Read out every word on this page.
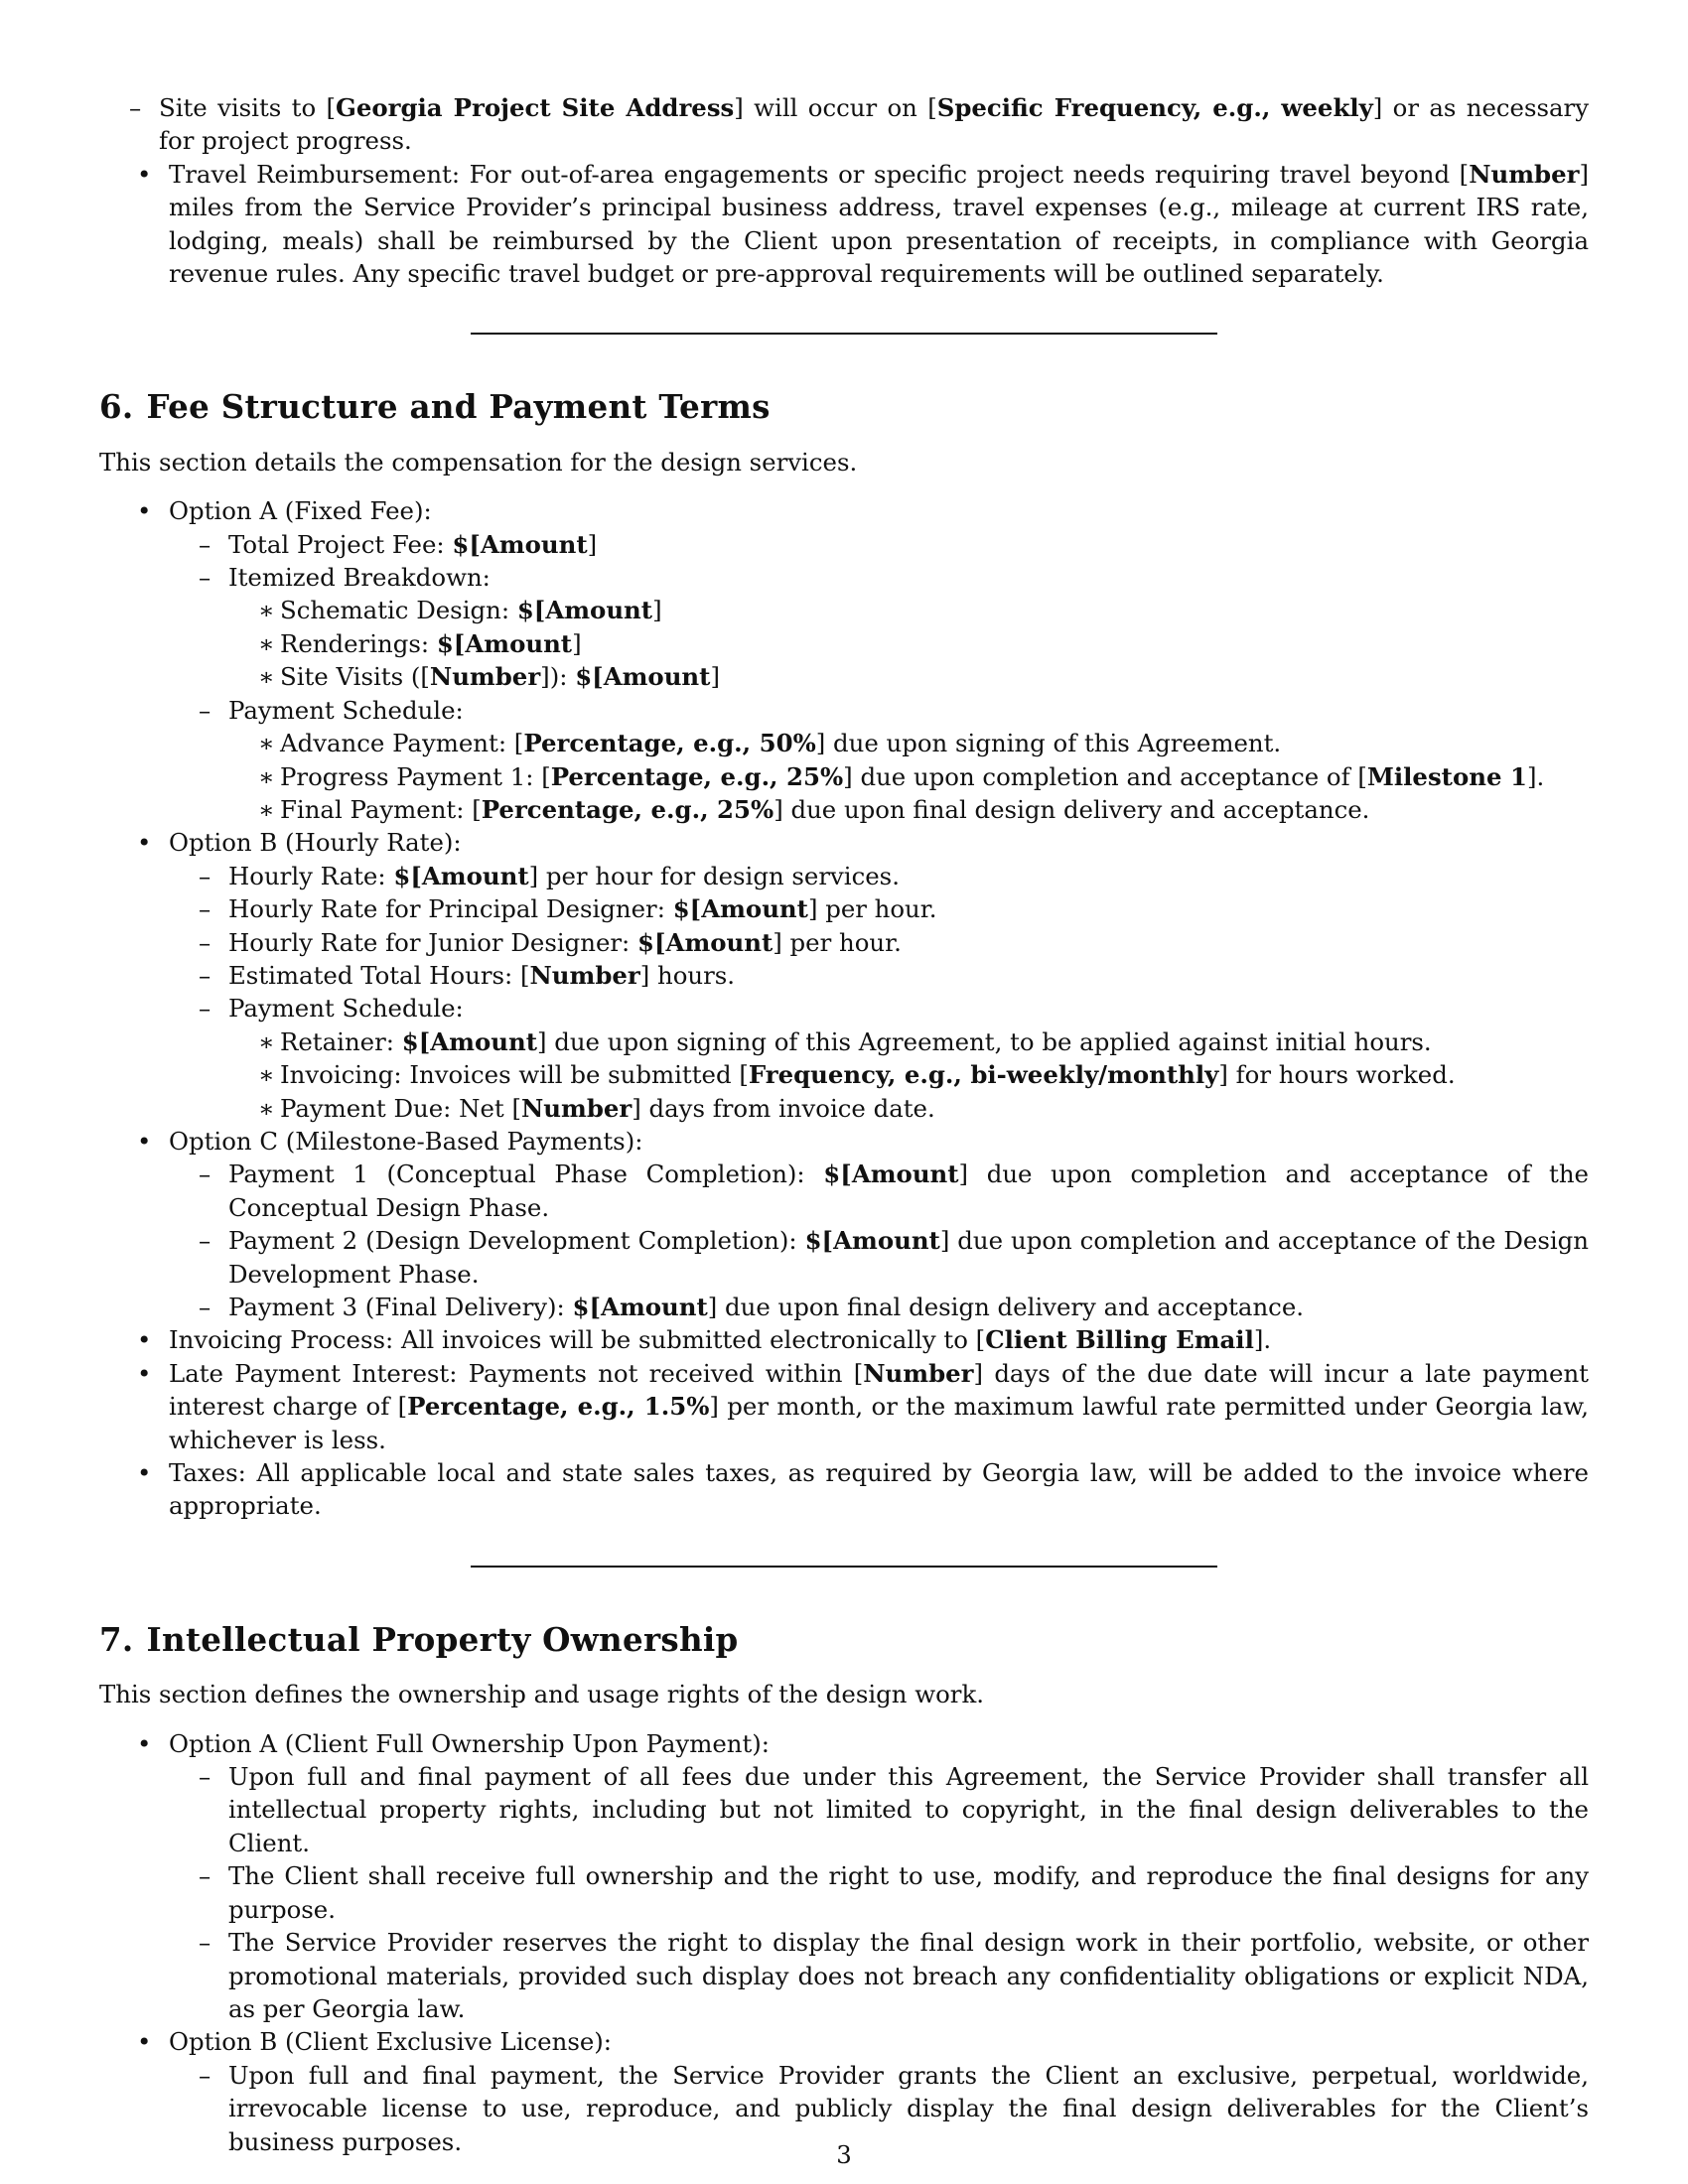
– Site visits to [Georgia Project Site Address] will occur on [Specific Frequency, e.g., weekly] or as necessary for project progress.

• Travel Reimbursement: For out-of-area engagements or specific project needs requiring travel beyond [Number] miles from the Service Provider’s principal business address, travel expenses (e.g., mileage at current IRS rate, lodging, meals) shall be reimbursed by the Client upon presentation of receipts, in compliance with Georgia revenue rules. Any specific travel budget or pre-approval requirements will be outlined separately.

6. Fee Structure and Payment Terms

This section details the compensation for the design services.

• Option A (Fixed Fee):

– Total Project Fee: $[Amount]

– Itemized Breakdown:

∗ Schematic Design: $[Amount]

∗ Renderings: $[Amount]

∗ Site Visits ([Number]): $[Amount]

– Payment Schedule:

∗ Advance Payment: [Percentage, e.g., 50%] due upon signing of this Agreement.

∗ Progress Payment 1: [Percentage, e.g., 25%] due upon completion and acceptance of [Milestone 1].

∗ Final Payment: [Percentage, e.g., 25%] due upon final design delivery and acceptance.

• Option B (Hourly Rate):

– Hourly Rate: $[Amount] per hour for design services.

– Hourly Rate for Principal Designer: $[Amount] per hour.

– Hourly Rate for Junior Designer: $[Amount] per hour.

– Estimated Total Hours: [Number] hours.

– Payment Schedule:

∗ Retainer: $[Amount] due upon signing of this Agreement, to be applied against initial hours.

∗ Invoicing: Invoices will be submitted [Frequency, e.g., bi-weekly/monthly] for hours worked.

∗ Payment Due: Net [Number] days from invoice date.

• Option C (Milestone-Based Payments):

– Payment 1 (Conceptual Phase Completion): $[Amount] due upon completion and acceptance of the Conceptual Design Phase.

– Payment 2 (Design Development Completion): $[Amount] due upon completion and acceptance of the Design Development Phase.

– Payment 3 (Final Delivery): $[Amount] due upon final design delivery and acceptance.

• Invoicing Process: All invoices will be submitted electronically to [Client Billing Email].

• Late Payment Interest: Payments not received within [Number] days of the due date will incur a late payment interest charge of [Percentage, e.g., 1.5%] per month, or the maximum lawful rate permitted under Georgia law, whichever is less.

• Taxes: All applicable local and state sales taxes, as required by Georgia law, will be added to the invoice where appropriate.

7. Intellectual Property Ownership

This section defines the ownership and usage rights of the design work.

• Option A (Client Full Ownership Upon Payment):

– Upon full and final payment of all fees due under this Agreement, the Service Provider shall transfer all intellectual property rights, including but not limited to copyright, in the final design deliverables to the Client.

– The Client shall receive full ownership and the right to use, modify, and reproduce the final designs for any purpose.

– The Service Provider reserves the right to display the final design work in their portfolio, website, or other promotional materials, provided such display does not breach any confidentiality obligations or explicit NDA, as per Georgia law.

• Option B (Client Exclusive License):

– Upon full and final payment, the Service Provider grants the Client an exclusive, perpetual, worldwide, irrevocable license to use, reproduce, and publicly display the final design deliverables for the Client’s business purposes.	3
